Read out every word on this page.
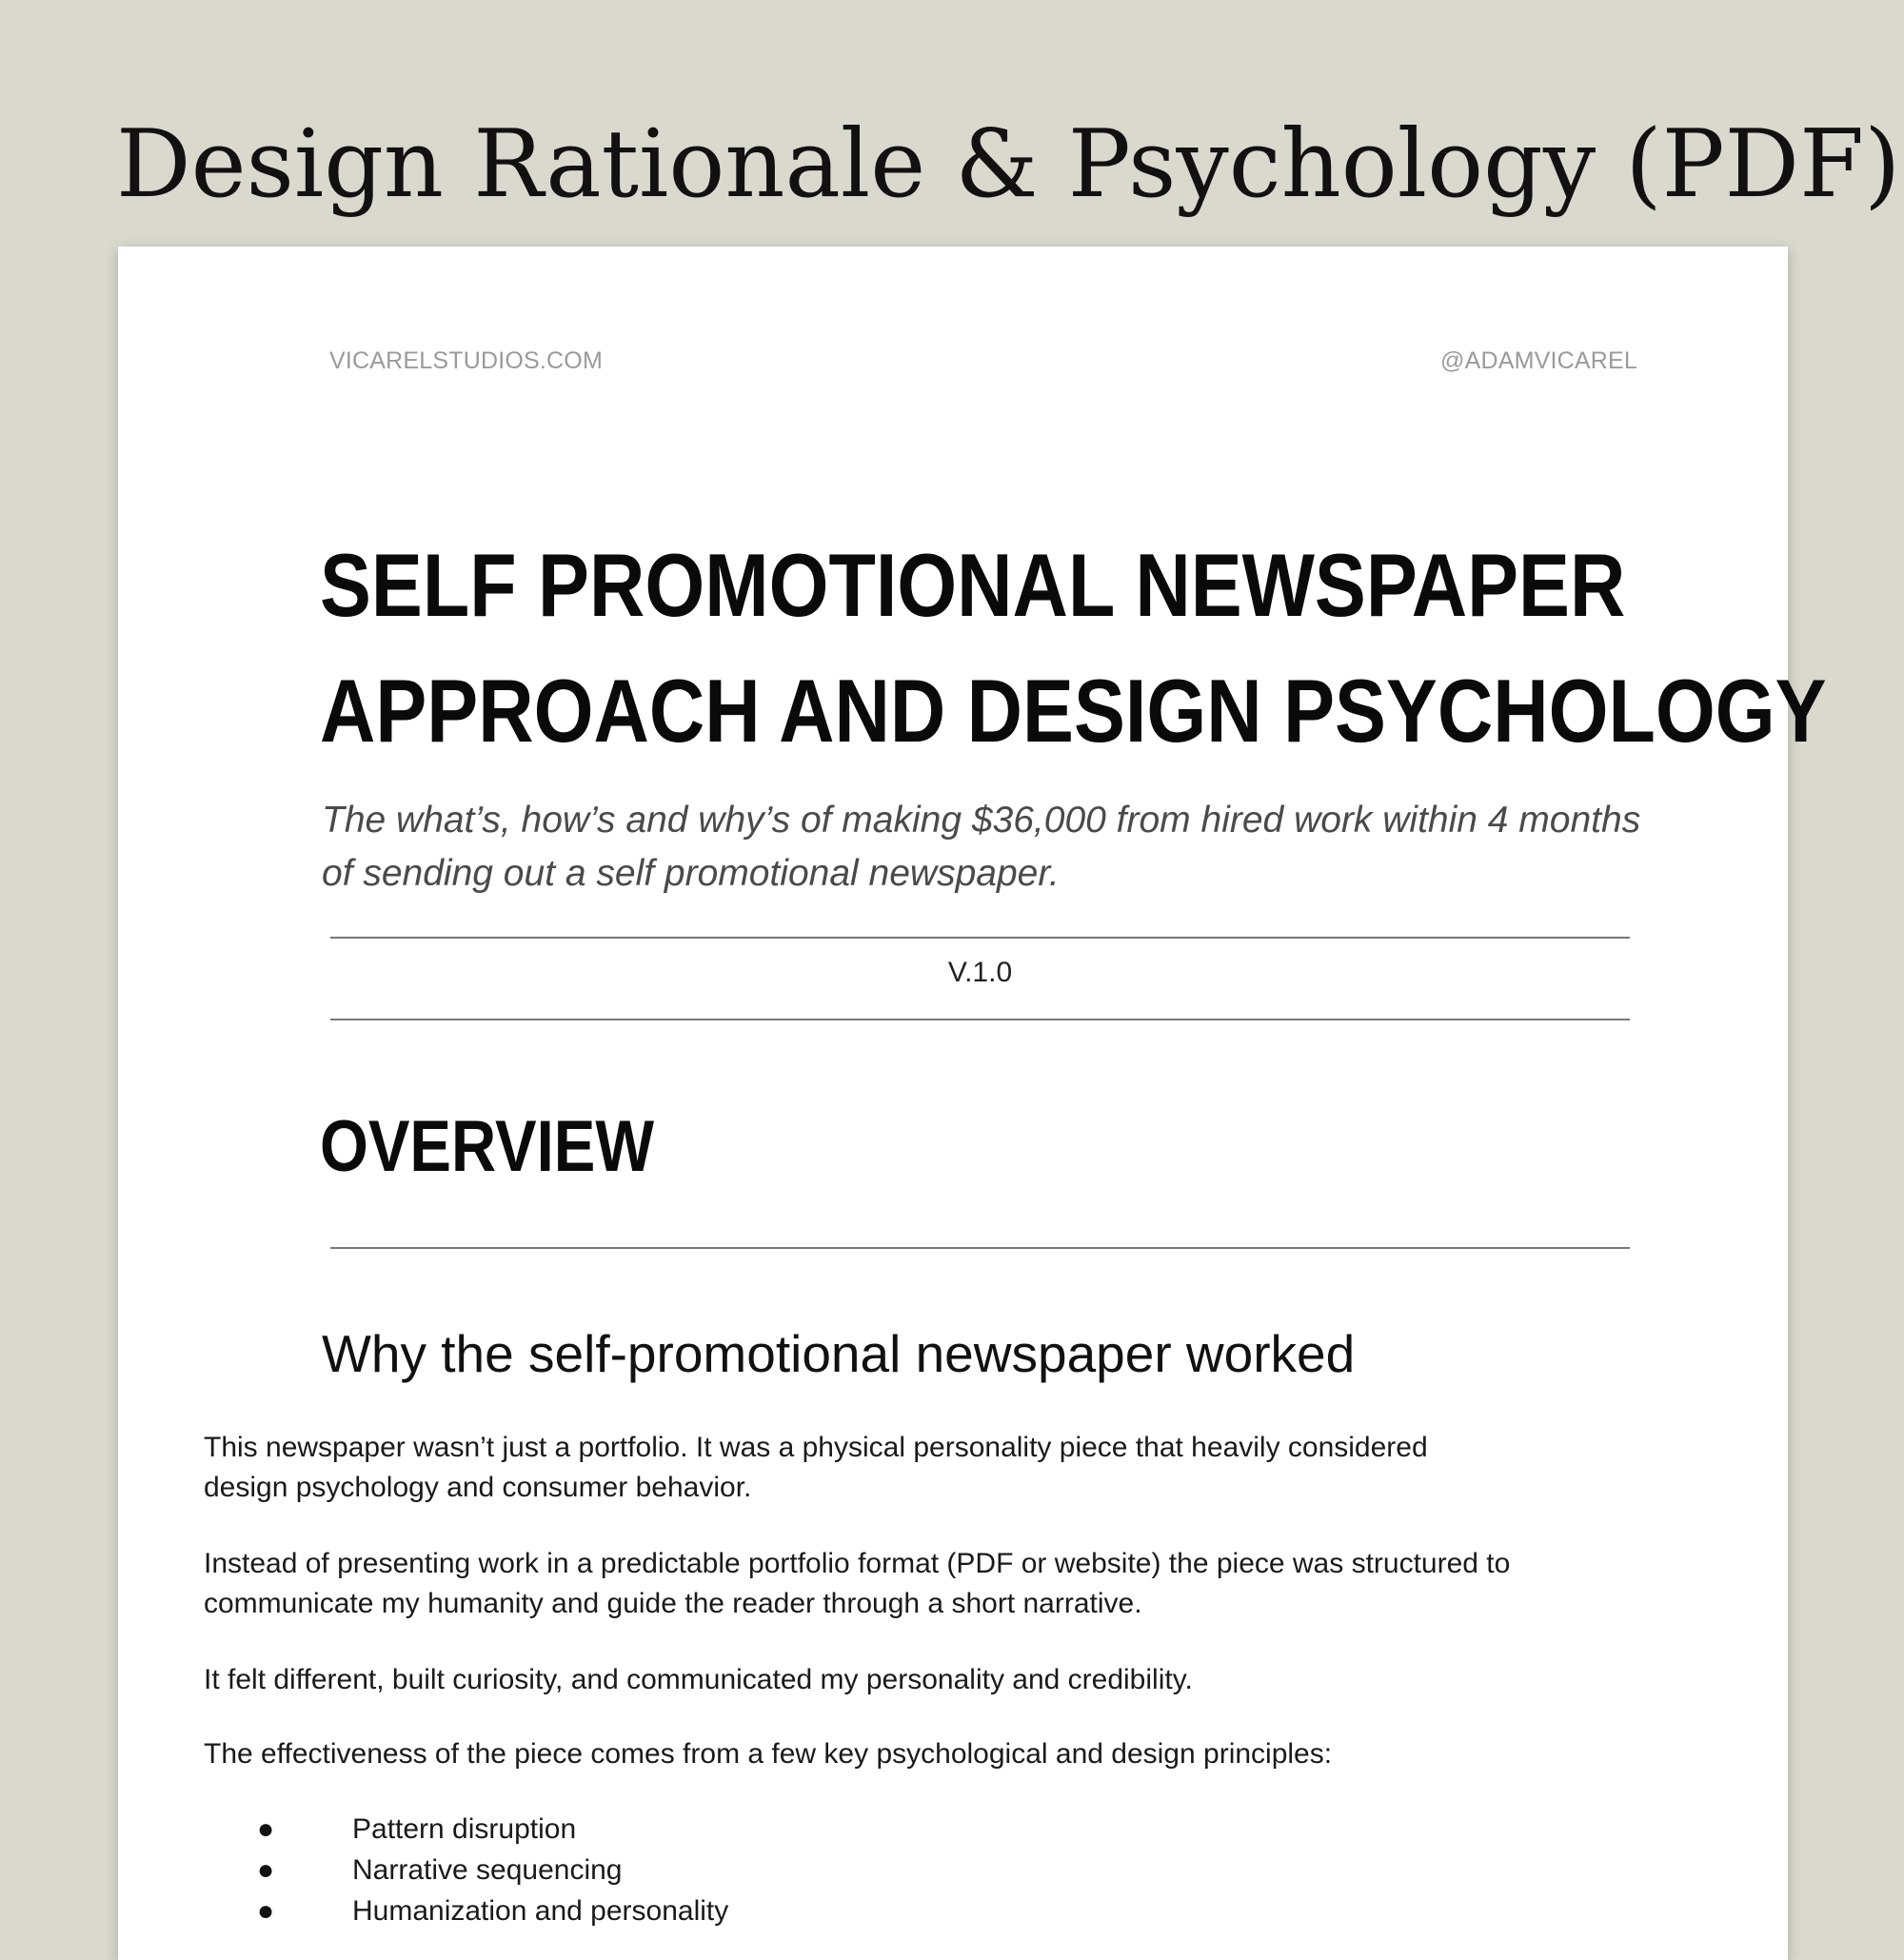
Design Rationale & Psychology (PDF)
VICARELSTUDIOS.COM	@ADAMVICAREL
SELF PROMOTIONAL NEWSPAPER
APPROACH AND DESIGN PSYCHOLOGY

The what’s, how’s and why’s of making $36,000 from hired work within 4 months of sending out a self promotional newspaper.

V.1.0
OVERVIEW
Why the self-promotional newspaper worked

This newspaper wasn’t just a portfolio. It was a physical personality piece that heavily considered design psychology and consumer behavior.

Instead of presenting work in a predictable portfolio format (PDF or website) the piece was structured to communicate my humanity and guide the reader through a short narrative.

It felt different, built curiosity, and communicated my personality and credibility.

The effectiveness of the piece comes from a few key psychological and design principles:

●	Pattern disruption
●	Narrative sequencing
●	Humanization and personality
